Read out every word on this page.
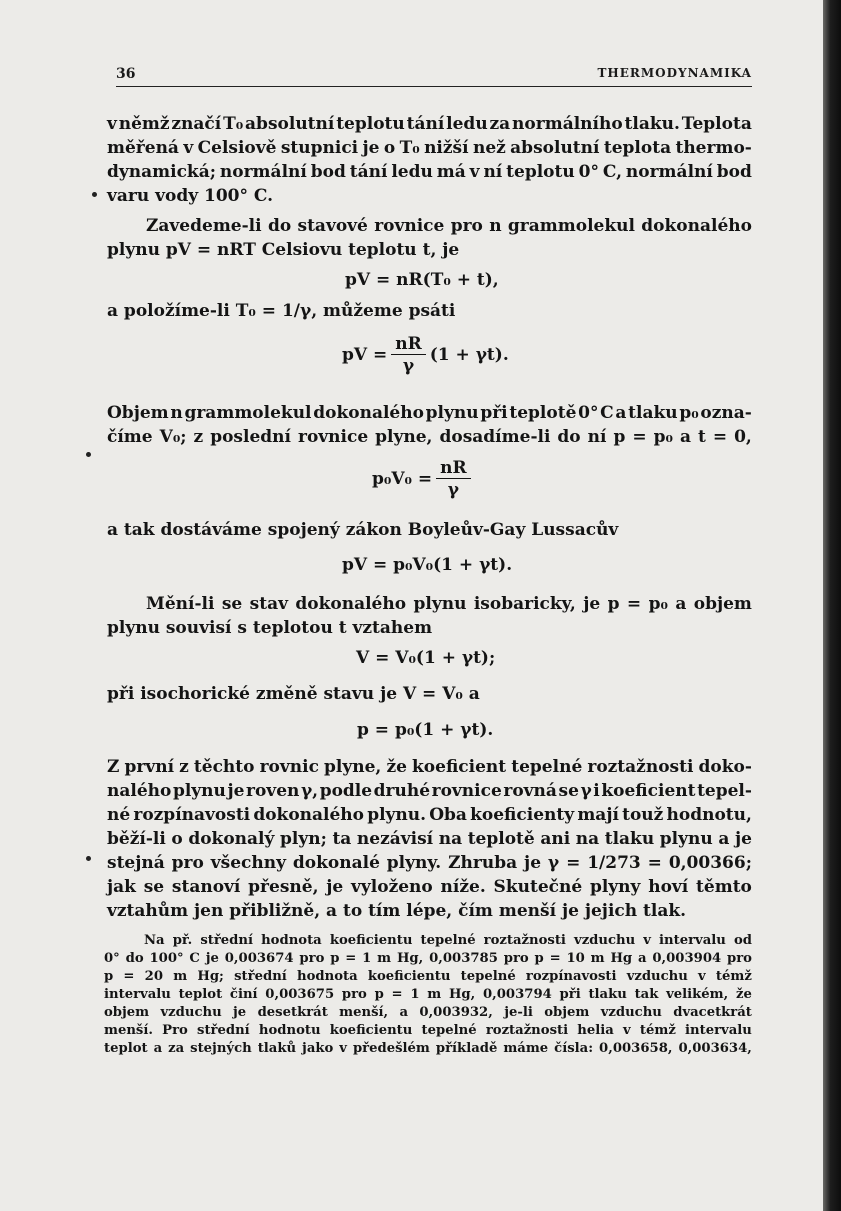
36	THERMODYNAMIKA
v němž značí T₀ absolutní teplotu tání ledu za normálního tlaku. Teplota
měřená v Celsiově stupnici je o T₀ nižší než absolutní teplota thermo-
dynamická; normální bod tání ledu má v ní teplotu 0° C, normální bod
varu vody 100° C.
Zavedeme-li do stavové rovnice pro n grammolekul dokonalého
plynu pV = nRT Celsiovu teplotu t, je
pV = nR(T₀ + t),
a položíme-li T₀ = 1/γ, můžeme psáti
pV = $\frac{nR}{\gamma} (1 + \gamma t)$.
Objem n grammolekul dokonalého plynu při teplotě 0° C a tlaku p₀ ozna-
číme V₀; z poslední rovnice plyne, dosadíme-li do ní p = p₀ a t = 0,
$p_0V_0 = \frac{nR}{\gamma}$
a tak dostáváme spojený zákon Boyleův-Gay Lussacův
pV = p₀V₀(1 + γt).
Mění-li se stav dokonalého plynu isobaricky, je p = p₀ a objem
plynu souvisí s teplotou t vztahem
V = V₀(1 + γt);
při isochorické změně stavu je V = V₀ a
p = p₀(1 + γt).
Z první z těchto rovnic plyne, že koeficient tepelné roztažnosti doko-
nalého plynu je roven γ, podle druhé rovnice rovná se γ i koeficient tepel-
né rozpínavosti dokonalého plynu. Oba koeficienty mají touž hodnotu,
běží-li o dokonalý plyn; ta nezávisí na teplotě ani na tlaku plynu a je
stejná pro všechny dokonalé plyny. Zhruba je γ = 1/273 = 0,00366;
jak se stanoví přesně, je vyloženo níže. Skutečné plyny hoví těmto
vztahům jen přibližně, a to tím lépe, čím menší je jejich tlak.
Na př. střední hodnota koeficientu tepelné roztažnosti vzduchu v intervalu od
0° do 100° C je 0,003674 pro p = 1 m Hg, 0,003785 pro p = 10 m Hg a 0,003904 pro
p = 20 m Hg; střední hodnota koeficientu tepelné rozpínavosti vzduchu v témž
intervalu teplot činí 0,003675 pro p = 1 m Hg, 0,003794 při tlaku tak velikém, že
objem vzduchu je desetkrát menší, a 0,003932, je-li objem vzduchu dvacetkrát
menší. Pro střední hodnotu koeficientu tepelné roztažnosti helia v témž intervalu
teplot a za stejných tlaků jako v předešlém příkladě máme čísla: 0,003658, 0,003634,
